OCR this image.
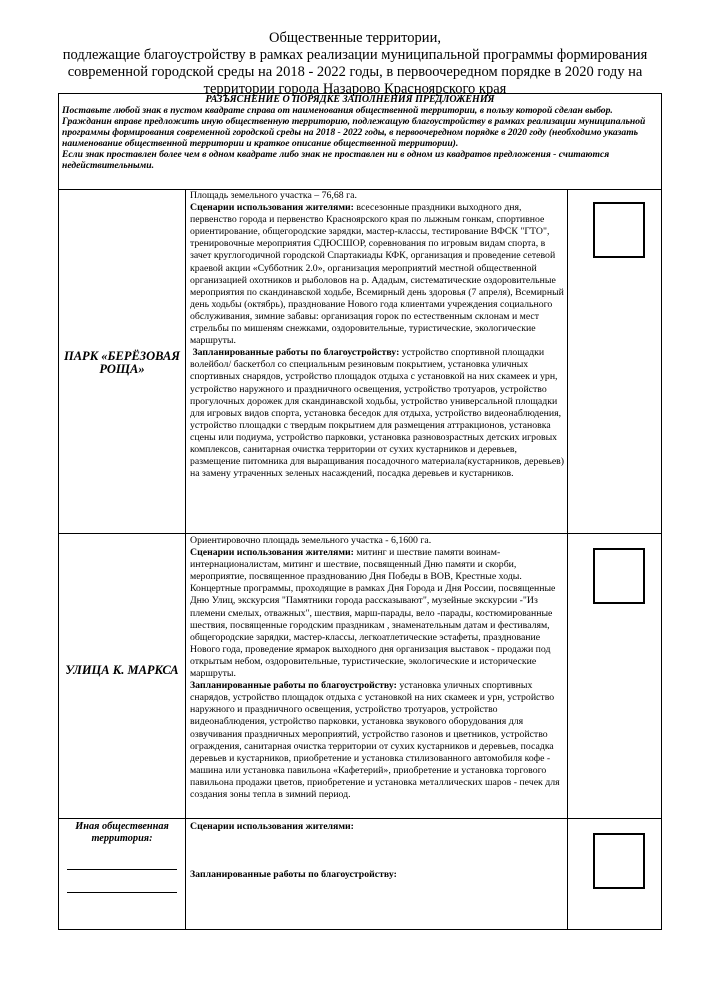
Общественные территории,
подлежащие благоустройству в рамках реализации муниципальной программы формирования
современной городской среды на 2018 - 2022 годы, в первоочередном порядке в 2020 году на
территории города Назарово Красноярского края
РАЗЪЯСНЕНИЕ О ПОРЯДКЕ ЗАПОЛНЕНИЯ ПРЕДЛОЖЕНИЯ

Поставьте любой знак в пустом квадрате справа от наименования общественной территории, в пользу которой сделан выбор.

Гражданин вправе предложить иную общественную территорию, подлежащую благоустройству в рамках реализации муниципальной программы формирования современной городской среды на 2018 - 2022 годы, в первоочередном порядке в 2020 году (необходимо указать наименование общественной территории и краткое описание общественной территории).

Если знак проставлен более чем в одном квадрате либо знак не проставлен ни в одном из квадратов предложения - считаются недействительными.

ПАРК «БЕРЁЗОВАЯ РОЩА»

Площадь земельного участка – 76,68 га.

Сценарии использования жителями: всесезонные праздники выходного дня, первенство города и первенство Красноярского края по лыжным гонкам, спортивное ориентирование, общегородские зарядки, мастер-классы, тестирование ВФСК "ГТО", тренировочные мероприятия СДЮСШОР, соревнования по игровым видам спорта, в зачет круглогодичной городской Спартакиады КФК, организация и проведение сетевой краевой акции «Субботник 2.0», организация мероприятий местной общественной организацией охотников и рыболовов на р. Ададым, систематические оздоровительные мероприятия по скандинавской ходьбе, Всемирный день здоровья (7 апреля), Всемирный день ходьбы (октябрь), празднование Нового года клиентами учреждения социального обслуживания, зимние забавы: организация горок по естественным склонам и мест стрельбы по мишеням снежками, оздоровительные, туристические, экологические маршруты.

Запланированные работы по благоустройству: устройство спортивной площадки волейбол/ баскетбол со специальным резиновым покрытием, установка уличных спортивных снарядов, устройство площадок отдыха с установкой на них скамеек и урн, устройство наружного и праздничного освещения, устройство тротуаров, устройство прогулочных дорожек для скандинавской ходьбы, устройство универсальной площадки для игровых видов спорта, установка беседок для отдыха, устройство видеонаблюдения, устройство площадки с твердым покрытием для размещения аттракционов, установка сцены или подиума, устройство парковки, установка разновозрастных детских игровых комплексов, санитарная очистка территории от сухих кустарников и деревьев, размещение питомника для выращивания посадочного материала(кустарников, деревьев) на замену утраченных зеленых насаждений, посадка деревьев и кустарников.

УЛИЦА К. МАРКСА

Ориентировочно площадь земельного участка - 6,1600 га.

Сценарии использования жителями: митинг и шествие памяти воинам-интернационалистам, митинг и шествие, посвященный Дню памяти и скорби, мероприятие, посвященное празднованию Дня Победы в ВОВ, Крестные ходы. Концертные программы, проходящие в рамках Дня Города и Дня России, посвященные Дню Улиц, экскурсия "Памятники города рассказывают", музейные экскурсии -"Из племени смелых, отважных", шествия, марш-парады, вело -парады, костюмированные шествия, посвященные городским праздникам , знаменательным датам и фестивалям, общегородские зарядки, мастер-классы, легкоатлетические эстафеты, празднование Нового года, проведение ярмарок выходного дня организация выставок - продажи под открытым небом, оздоровительные, туристические, экологические и исторические маршруты.

Запланированные работы по благоустройству: установка уличных спортивных снарядов, устройство площадок отдыха с установкой на них скамеек и урн, устройство наружного и праздничного освещения, устройство тротуаров, устройство видеонаблюдения, устройство парковки, установка звукового оборудования для озвучивания праздничных мероприятий, устройство газонов и цветников, устройство ограждения, санитарная очистка территории от сухих кустарников и деревьев, посадка деревьев и кустарников, приобретение и установка стилизованного автомобиля кофе - машина или установка павильона «Кафетерий», приобретение и установка торгового павильона продажи цветов, приобретение и установка металлических шаров - печек для создания зоны тепла в зимний период.

Иная общественная территория:
Сценарии использования жителями:
Запланированные работы по благоустройству:
